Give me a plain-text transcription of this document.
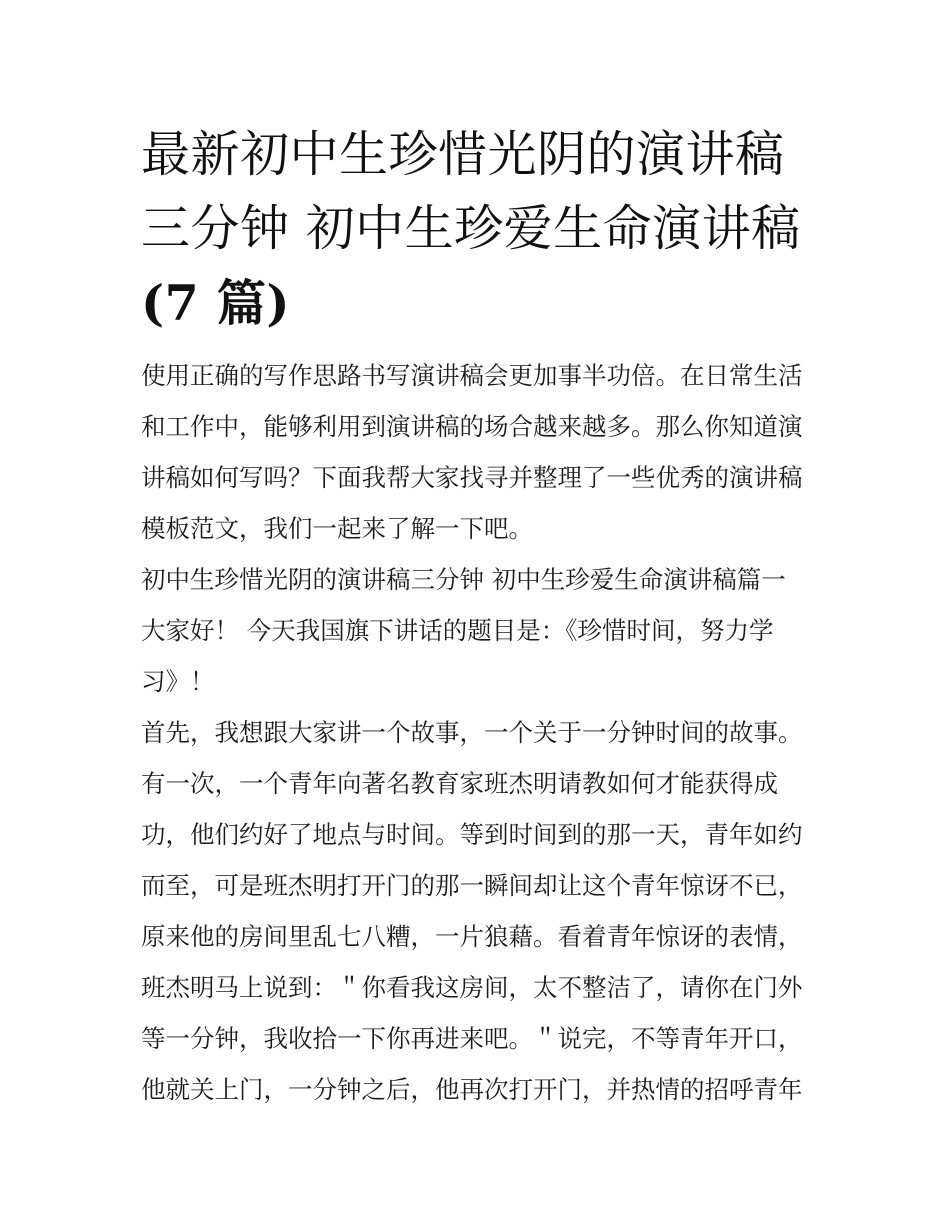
最新初中生珍惜光阴的演讲稿
三分钟 初中生珍爱生命演讲稿
(7 篇)

使用正确的写作思路书写演讲稿会更加事半功倍。在日常生活
和工作中，能够利用到演讲稿的场合越来越多。那么你知道演
讲稿如何写吗？下面我帮大家找寻并整理了一些优秀的演讲稿
模板范文，我们一起来了解一下吧。

初中生珍惜光阴的演讲稿三分钟 初中生珍爱生命演讲稿篇一

大家好！ 今天我国旗下讲话的题目是：《珍惜时间，努力学
习》！

首先，我想跟大家讲一个故事，一个关于一分钟时间的故事。
有一次，一个青年向著名教育家班杰明请教如何才能获得成
功，他们约好了地点与时间。等到时间到的那一天，青年如约
而至，可是班杰明打开门的那一瞬间却让这个青年惊讶不已，
原来他的房间里乱七八糟，一片狼藉。看着青年惊讶的表情，
班杰明马上说到：＂你看我这房间，太不整洁了，请你在门外
等一分钟，我收拾一下你再进来吧。＂说完，不等青年开口，
他就关上门，一分钟之后，他再次打开门，并热情的招呼青年
